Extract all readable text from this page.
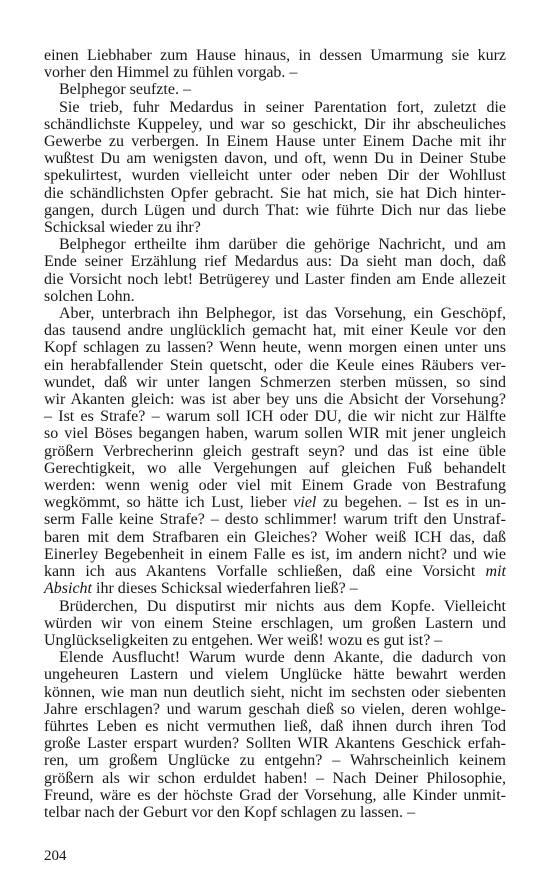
einen Liebhaber zum Hause hinaus, in dessen Umarmung sie kurz
vorher den Himmel zu fühlen vorgab. –
Belphegor seufzte. –
Sie trieb, fuhr Medardus in seiner Parentation fort, zuletzt die
schändlichste Kuppeley, und war so geschickt, Dir ihr abscheuliches
Gewerbe zu verbergen. In Einem Hause unter Einem Dache mit ihr
wußtest Du am wenigsten davon, und oft, wenn Du in Deiner Stube
spekulirtest, wurden vielleicht unter oder neben Dir der Wohllust
die schändlichsten Opfer gebracht. Sie hat mich, sie hat Dich hinter-
gangen, durch Lügen und durch That: wie führte Dich nur das liebe
Schicksal wieder zu ihr?
Belphegor ertheilte ihm darüber die gehörige Nachricht, und am
Ende seiner Erzählung rief Medardus aus: Da sieht man doch, daß
die Vorsicht noch lebt! Betrügerey und Laster finden am Ende allezeit
solchen Lohn.
Aber, unterbrach ihn Belphegor, ist das Vorsehung, ein Geschöpf,
das tausend andre unglücklich gemacht hat, mit einer Keule vor den
Kopf schlagen zu lassen? Wenn heute, wenn morgen einen unter uns
ein herabfallender Stein quetscht, oder die Keule eines Räubers ver-
wundet, daß wir unter langen Schmerzen sterben müssen, so sind
wir Akanten gleich: was ist aber bey uns die Absicht der Vorsehung?
– Ist es Strafe? – warum soll ICH oder DU, die wir nicht zur Hälfte
so viel Böses begangen haben, warum sollen WIR mit jener ungleich
größern Verbrecherinn gleich gestraft seyn? und das ist eine üble
Gerechtigkeit, wo alle Vergehungen auf gleichen Fuß behandelt
werden: wenn wenig oder viel mit Einem Grade von Bestrafung
wegkömmt, so hätte ich Lust, lieber viel zu begehen. – Ist es in un-
serm Falle keine Strafe? – desto schlimmer! warum trift den Unstraf-
baren mit dem Strafbaren ein Gleiches? Woher weiß ICH das, daß
Einerley Begebenheit in einem Falle es ist, im andern nicht? und wie
kann ich aus Akantens Vorfalle schließen, daß eine Vorsicht mit
Absicht ihr dieses Schicksal wiederfahren ließ? –
Brüderchen, Du disputirst mir nichts aus dem Kopfe. Vielleicht
würden wir von einem Steine erschlagen, um großen Lastern und
Unglückseligkeiten zu entgehen. Wer weiß! wozu es gut ist? –
Elende Ausflucht! Warum wurde denn Akante, die dadurch von
ungeheuren Lastern und vielem Unglücke hätte bewahrt werden
können, wie man nun deutlich sieht, nicht im sechsten oder siebenten
Jahre erschlagen? und warum geschah dieß so vielen, deren wohlge-
führtes Leben es nicht vermuthen ließ, daß ihnen durch ihren Tod
große Laster erspart wurden? Sollten WIR Akantens Geschick erfah-
ren, um großem Unglücke zu entgehn? – Wahrscheinlich keinem
größern als wir schon erduldet haben! – Nach Deiner Philosophie,
Freund, wäre es der höchste Grad der Vorsehung, alle Kinder unmit-
telbar nach der Geburt vor den Kopf schlagen zu lassen. –
204
